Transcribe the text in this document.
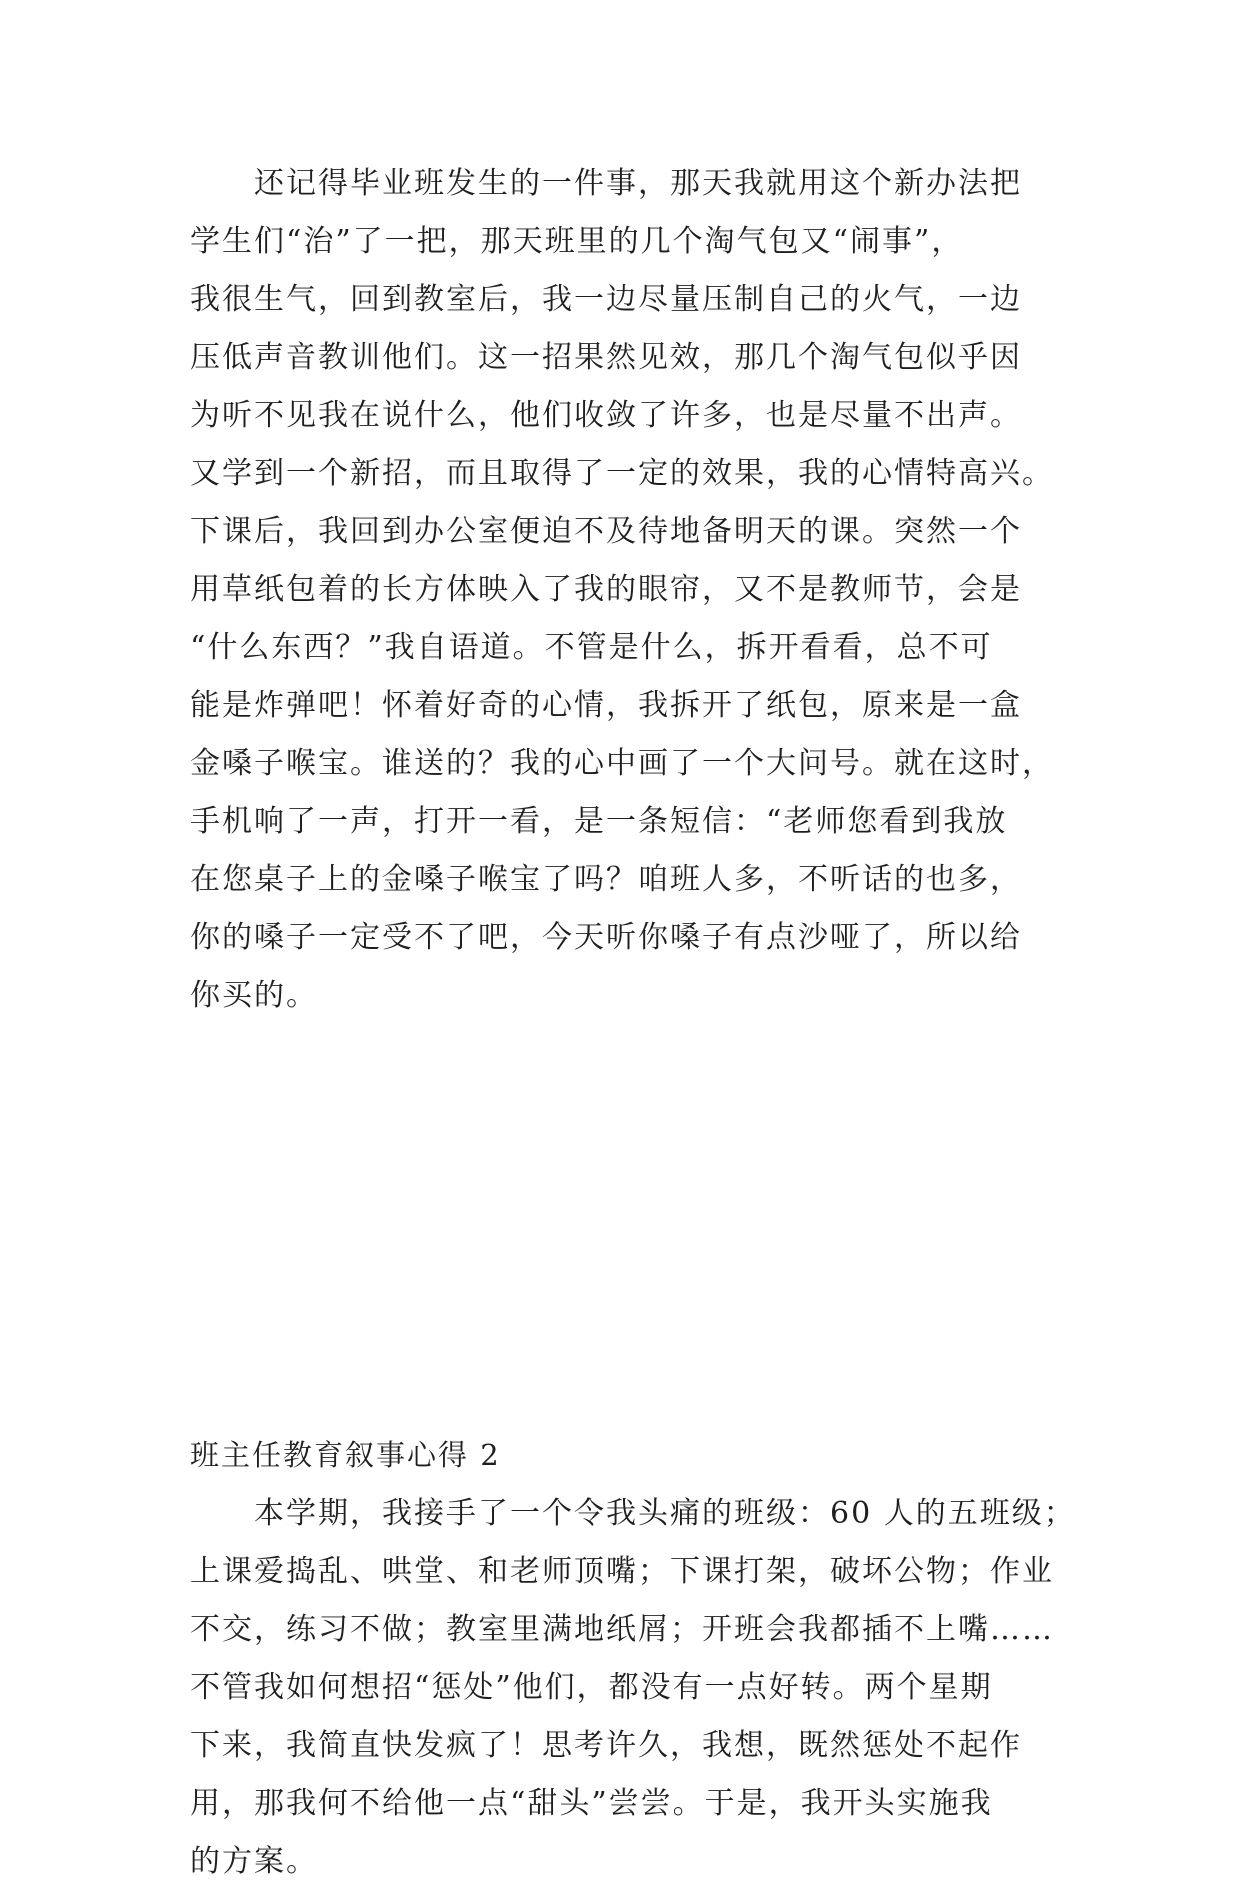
还记得毕业班发生的一件事，那天我就用这个新办法把
学生们“治”了一把，那天班里的几个淘气包又“闹事”，
我很生气，回到教室后，我一边尽量压制自己的火气，一边
压低声音教训他们。这一招果然见效，那几个淘气包似乎因
为听不见我在说什么，他们收敛了许多，也是尽量不出声。
又学到一个新招，而且取得了一定的效果，我的心情特高兴。
下课后，我回到办公室便迫不及待地备明天的课。突然一个
用草纸包着的长方体映入了我的眼帘，又不是教师节，会是
“什么东西？”我自语道。不管是什么，拆开看看，总不可
能是炸弹吧！怀着好奇的心情，我拆开了纸包，原来是一盒
金嗓子喉宝。谁送的？我的心中画了一个大问号。就在这时，
手机响了一声，打开一看，是一条短信：“老师您看到我放
在您桌子上的金嗓子喉宝了吗？咱班人多，不听话的也多，
你的嗓子一定受不了吧，今天听你嗓子有点沙哑了，所以给
你买的。
班主任教育叙事心得 2
本学期，我接手了一个令我头痛的班级：60 人的五班级；
上课爱捣乱、哄堂、和老师顶嘴；下课打架，破坏公物；作业
不交，练习不做；教室里满地纸屑；开班会我都插不上嘴……
不管我如何想招“惩处”他们，都没有一点好转。两个星期
下来，我简直快发疯了！思考许久，我想，既然惩处不起作
用，那我何不给他一点“甜头”尝尝。于是，我开头实施我
的方案。
